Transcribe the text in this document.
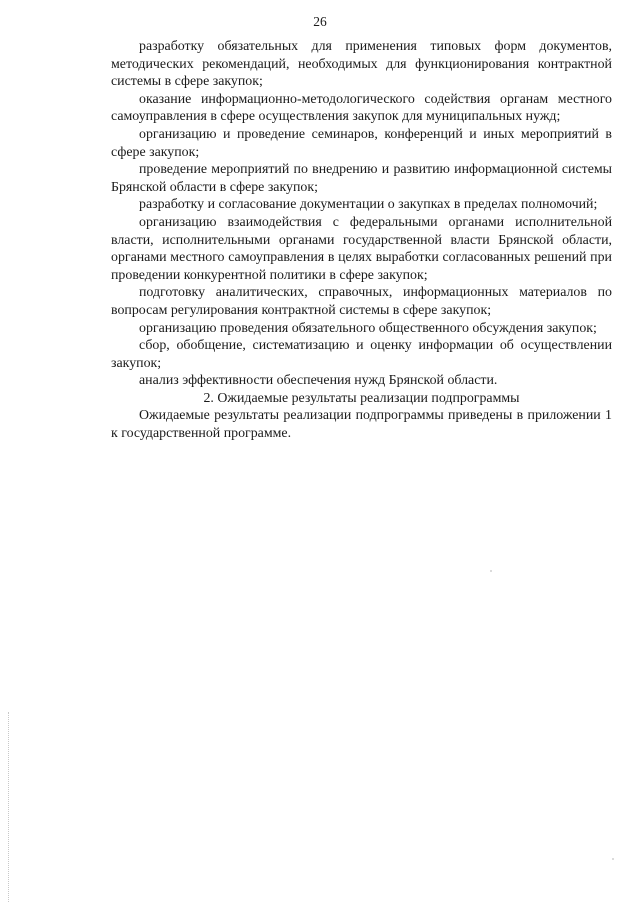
26

разработку обязательных для применения типовых форм документов, методических рекомендаций, необходимых для функционирования контрактной системы в сфере закупок;

оказание информационно-методологического содействия органам местного самоуправления в сфере осуществления закупок для муниципальных нужд;

организацию и проведение семинаров, конференций и иных мероприятий в сфере закупок;

проведение мероприятий по внедрению и развитию информационной системы Брянской области в сфере закупок;

разработку и согласование документации о закупках в пределах полномочий;

организацию взаимодействия с федеральными органами исполнительной власти, исполнительными органами государственной власти Брянской области, органами местного самоуправления в целях выработки согласованных решений при проведении конкурентной политики в сфере закупок;

подготовку аналитических, справочных, информационных материалов по вопросам регулирования контрактной системы в сфере закупок;

организацию проведения обязательного общественного обсуждения закупок;

сбор, обобщение, систематизацию и оценку информации об осуществлении закупок;

анализ эффективности обеспечения нужд Брянской области.

2. Ожидаемые результаты реализации подпрограммы

Ожидаемые результаты реализации подпрограммы приведены в приложении 1 к государственной программе.
